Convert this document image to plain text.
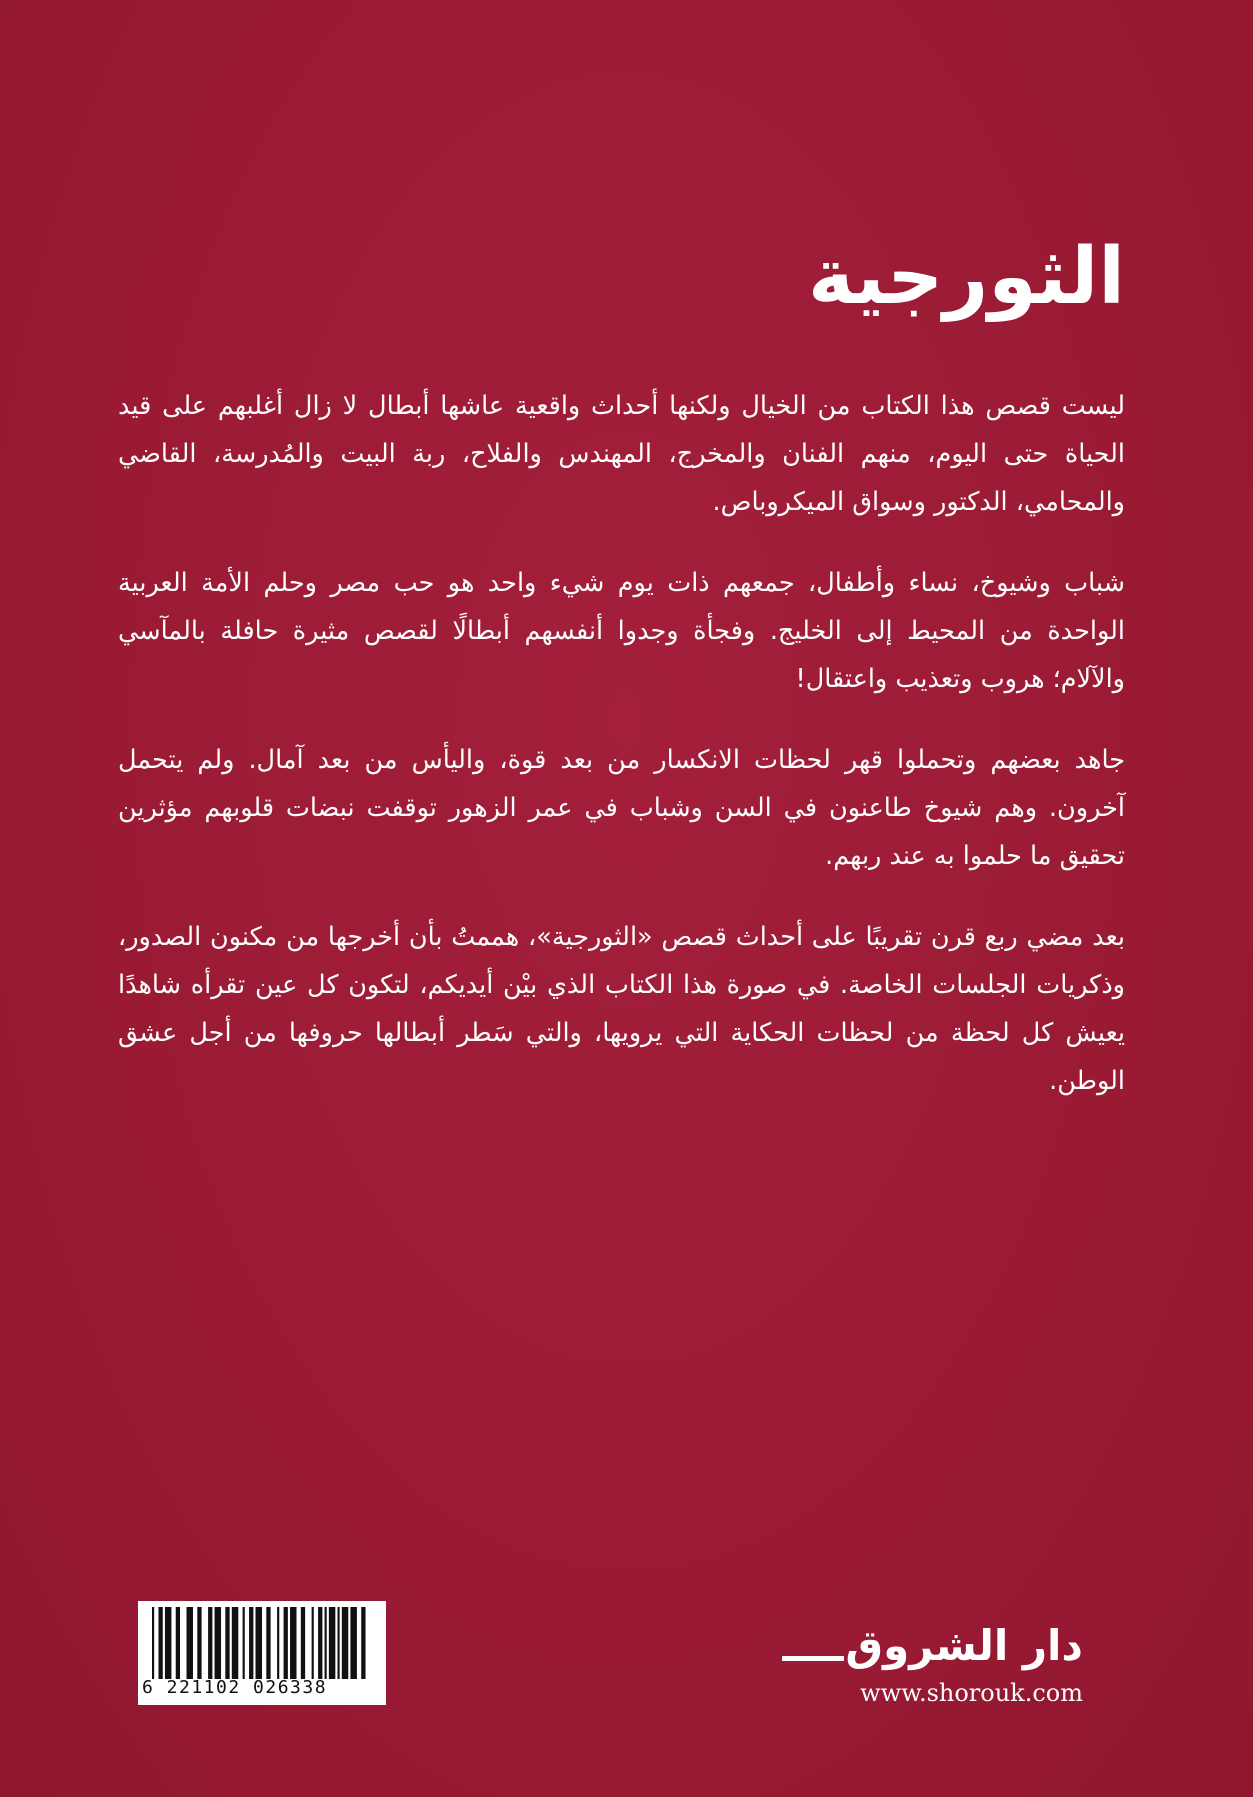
الثورجية

ليست قصص هذا الكتاب من الخيال ولكنها أحداث واقعية عاشها أبطال لا زال أغلبهم على قيد الحياة حتى اليوم، منهم الفنان والمخرج، المهندس والفلاح، ربة البيت والمُدرسة، القاضي والمحامي، الدكتور وسواق الميكروباص.

شباب وشيوخ، نساء وأطفال، جمعهم ذات يوم شيء واحد هو حب مصر وحلم الأمة العربية الواحدة من المحيط إلى الخليج. وفجأة وجدوا أنفسهم أبطالًا لقصص مثيرة حافلة بالمآسي والآلام؛ هروب وتعذيب واعتقال!

جاهد بعضهم وتحملوا قهر لحظات الانكسار من بعد قوة، واليأس من بعد آمال. ولم يتحمل آخرون. وهم شيوخ طاعنون في السن وشباب في عمر الزهور توقفت نبضات قلوبهم مؤثرين تحقيق ما حلموا به عند ربهم.

بعد مضي ربع قرن تقريبًا على أحداث قصص «الثورجية»، هممتُ بأن أخرجها من مكنون الصدور، وذكريات الجلسات الخاصة. في صورة هذا الكتاب الذي بيْن أيديكم، لتكون كل عين تقرأه شاهدًا يعيش كل لحظة من لحظات الحكاية التي يرويها، والتي سَطر أبطالها حروفها من أجل عشق الوطن.

6 221102 026338
دار الشروق
www.shorouk.com
